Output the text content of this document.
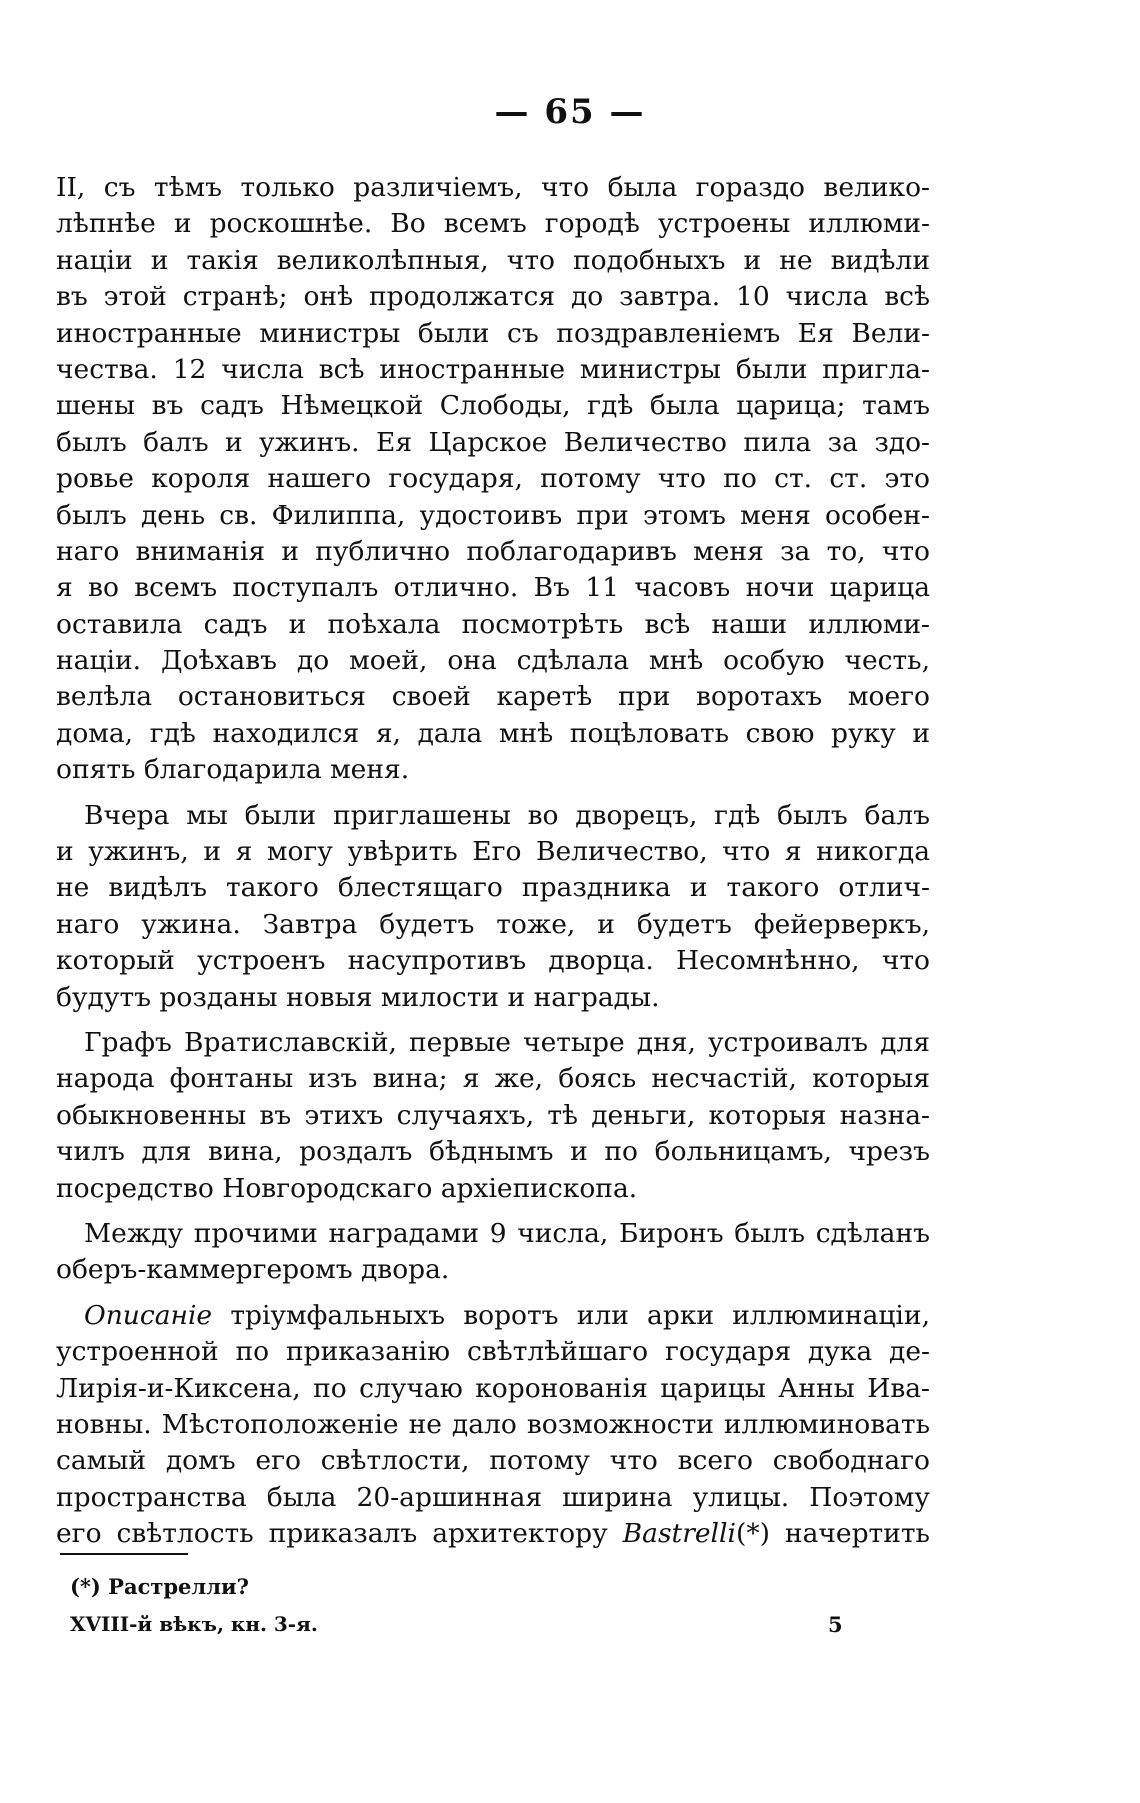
— 65 —
II, съ тѣмъ только различіемъ, что была гораздо велико-
лѣпнѣе и роскошнѣе. Во всемъ городѣ устроены иллюми-
націи и такія великолѣпныя, что подобныхъ и не видѣли
въ этой странѣ; онѣ продолжатся до завтра. 10 числа всѣ
иностранные министры были съ поздравленіемъ Ея Вели-
чества. 12 числа всѣ иностранные министры были пригла-
шены въ садъ Нѣмецкой Слободы, гдѣ была царица; тамъ
былъ балъ и ужинъ. Ея Царское Величество пила за здо-
ровье короля нашего государя, потому что по ст. ст. это
былъ день св. Филиппа, удостоивъ при этомъ меня особен-
наго вниманія и публично поблагодаривъ меня за то, что
я во всемъ поступалъ отлично. Въ 11 часовъ ночи царица
оставила садъ и поѣхала посмотрѣть всѣ наши иллюми-
націи. Доѣхавъ до моей, она сдѣлала мнѣ особую честь,
велѣла остановиться своей каретѣ при воротахъ моего
дома, гдѣ находился я, дала мнѣ поцѣловать свою руку и
опять благодарила меня.
Вчера мы были приглашены во дворецъ, гдѣ былъ балъ
и ужинъ, и я могу увѣрить Его Величество, что я никогда
не видѣлъ такого блестящаго праздника и такого отлич-
наго ужина. Завтра будетъ тоже, и будетъ фейерверкъ,
который устроенъ насупротивъ дворца. Несомнѣнно, что
будутъ розданы новыя милости и награды.
Графъ Вратиславскій, первые четыре дня, устроивалъ для
народа фонтаны изъ вина; я же, боясь несчастій, которыя
обыкновенны въ этихъ случаяхъ, тѣ деньги, которыя назна-
чилъ для вина, роздалъ бѣднымъ и по больницамъ, чрезъ
посредство Новгородскаго архіепископа.
Между прочими наградами 9 числа, Биронъ былъ сдѣланъ
оберъ-каммергеромъ двора.
Описаніе тріумфальныхъ воротъ или арки иллюминаціи,
устроенной по приказанію свѣтлѣйшаго государя дука де-
Лирія-и-Киксена, по случаю коронованія царицы Анны Ива-
новны. Мѣстоположеніе не дало возможности иллюминовать
самый домъ его свѣтлости, потому что всего свободнаго
пространства была 20-аршинная ширина улицы. Поэтому
его свѣтлость приказалъ архитектору Bastrelli(*) начертить
(*) Растрелли?
XVIII-й вѣкъ, кн. 3-я.	5
